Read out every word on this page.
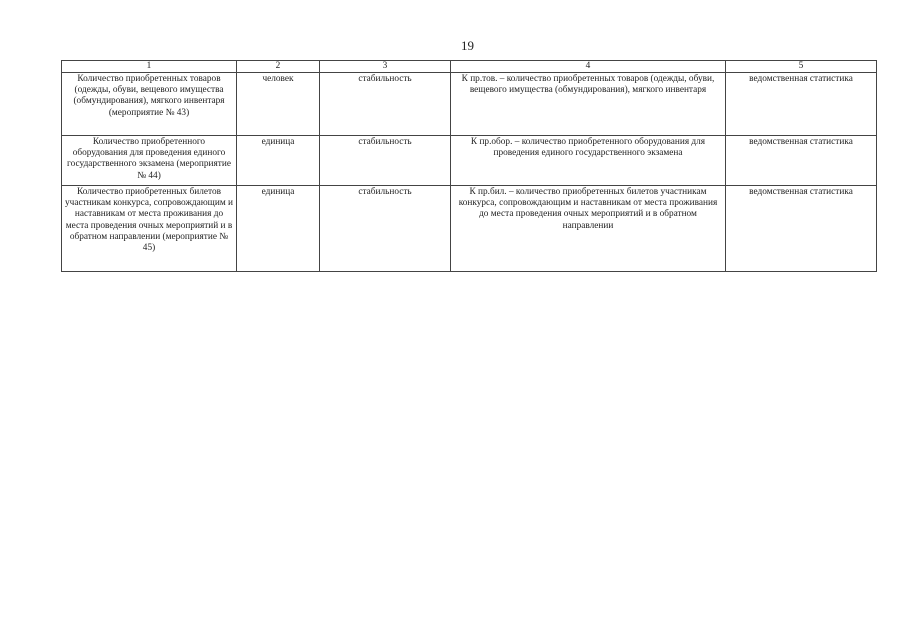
19
1	2	3	4	5
Количество приобретенных товаров (одежды, обуви, вещевого имущества (обмундирования), мягкого инвентаря (мероприятие № 43)	человек	стабильность	К пр.тов. – количество приобретенных товаров (одежды, обуви, вещевого имущества (обмундирования), мягкого инвентаря	ведомственная статистика
Количество приобретенного оборудования для проведения единого государственного экзамена (мероприятие № 44)	единица	стабильность	К пр.обор. – количество приобретенного оборудования для проведения единого государственного экзамена	ведомственная статистика
Количество приобретенных билетов участникам конкурса, сопровождающим и наставникам от места проживания до места проведения очных мероприятий и в обратном направлении (мероприятие № 45)	единица	стабильность	К пр.бил. – количество приобретенных билетов участникам конкурса, сопровождающим и наставникам от места проживания до места проведения очных мероприятий и в обратном направлении	ведомственная статистика
